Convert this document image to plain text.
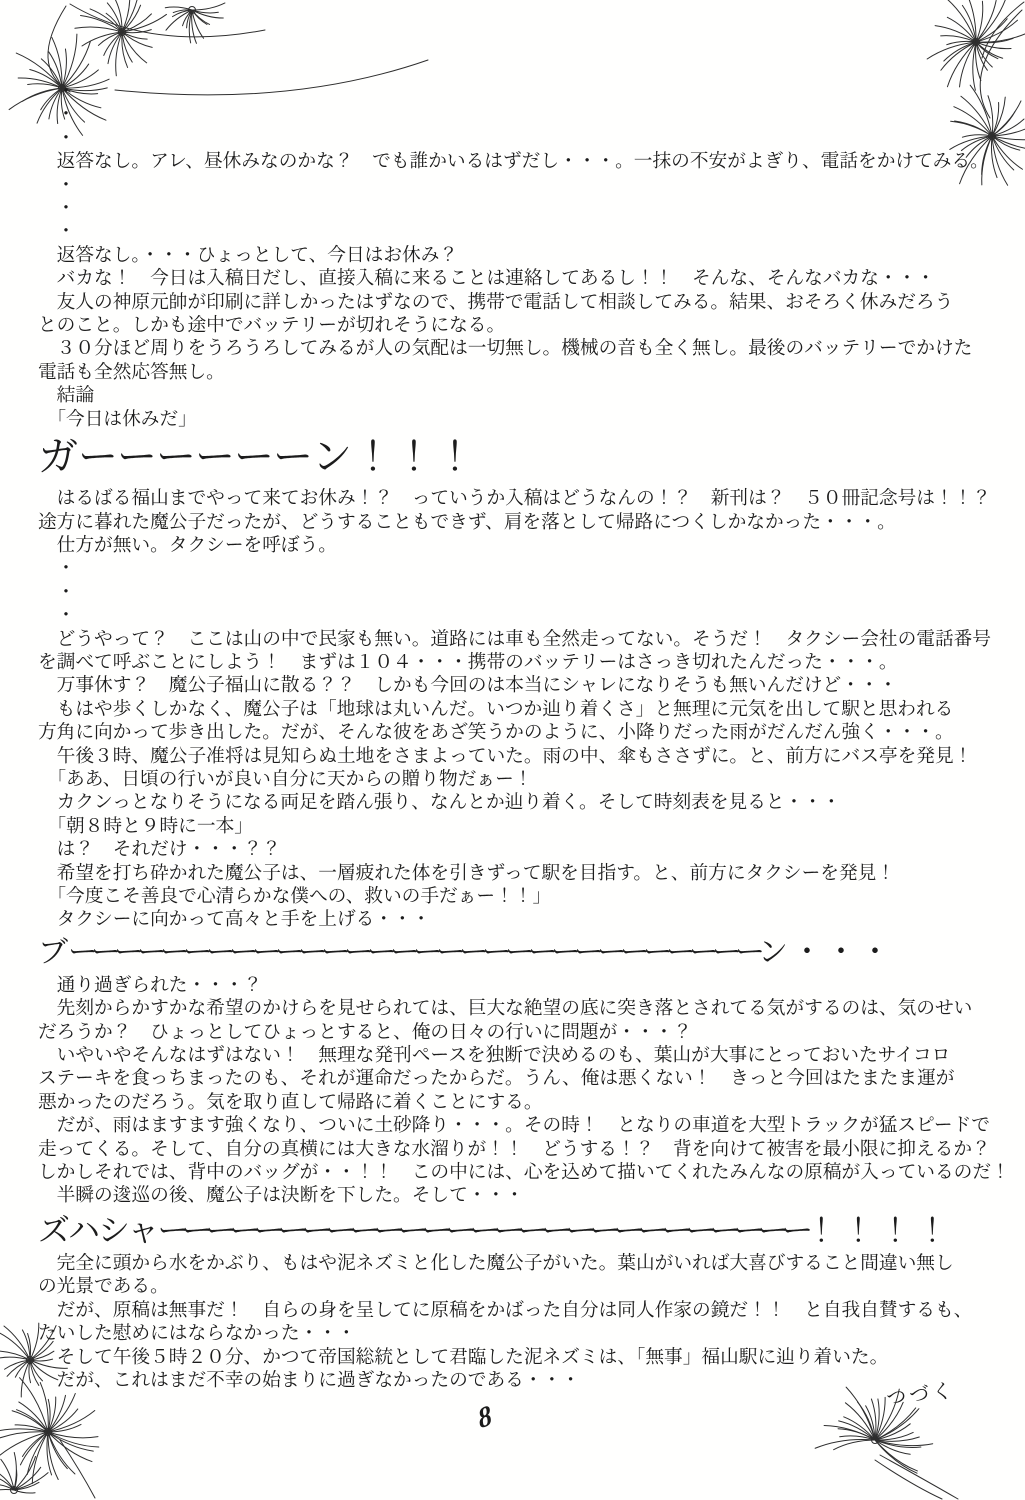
　・
　・
　・
　返答なし。アレ、昼休みなのかな？　でも誰かいるはずだし・・・。一抹の不安がよぎり、電話をかけてみる。
　・
　・
　・
　返答なし。・・・ひょっとして、今日はお休み？
　バカな！　今日は入稿日だし、直接入稿に来ることは連絡してあるし！！　そんな、そんなバカな・・・
　友人の神原元帥が印刷に詳しかったはずなので、携帯で電話して相談してみる。結果、おそろく休みだろう
とのこと。しかも途中でバッテリーが切れそうになる。
　３０分ほど周りをうろうろしてみるが人の気配は一切無し。機械の音も全く無し。最後のバッテリーでかけた
電話も全然応答無し。
　結論
　「今日は休みだ」
ガーーーーーーン！！！
　はるばる福山までやって来てお休み！？　っていうか入稿はどうなんの！？　新刊は？　５０冊記念号は！！？
途方に暮れた魔公子だったが、どうすることもできず、肩を落として帰路につくしかなかった・・・。
　仕方が無い。タクシーを呼ぼう。
　・
　・
　・
　どうやって？　ここは山の中で民家も無い。道路には車も全然走ってない。そうだ！　タクシー会社の電話番号
を調べて呼ぶことにしよう！　まずは１０４・・・携帯のバッテリーはさっき切れたんだった・・・。
　万事休す？　魔公子福山に散る？？　しかも今回のは本当にシャレになりそうも無いんだけど・・・
　もはや歩くしかなく、魔公子は「地球は丸いんだ。いつか辿り着くさ」と無理に元気を出して駅と思われる
方角に向かって歩き出した。だが、そんな彼をあざ笑うかのように、小降りだった雨がだんだん強く・・・。
　午後３時、魔公子准将は見知らぬ土地をさまよっていた。雨の中、傘もささずに。と、前方にバス亭を発見！
　「ああ、日頃の行いが良い自分に天からの贈り物だぁー！
　カクンっとなりそうになる両足を踏ん張り、なんとか辿り着く。そして時刻表を見ると・・・
　「朝８時と９時に一本」
　は？　それだけ・・・？？
　希望を打ち砕かれた魔公子は、一層疲れた体を引きずって駅を目指す。と、前方にタクシーを発見！
　「今度こそ善良で心清らかな僕への、救いの手だぁー！！」
　タクシーに向かって高々と手を上げる・・・
ブーーーーーーーーーーーーーーーーーーーーーーーーーーーーーーン・・・
　通り過ぎられた・・・？
　先刻からかすかな希望のかけらを見せられては、巨大な絶望の底に突き落とされてる気がするのは、気のせい
だろうか？　ひょっとしてひょっとすると、俺の日々の行いに問題が・・・？
　いやいやそんなはずはない！　無理な発刊ペースを独断で決めるのも、葉山が大事にとっておいたサイコロ
ステーキを食っちまったのも、それが運命だったからだ。うん、俺は悪くない！　きっと今回はたまたま運が
悪かったのだろう。気を取り直して帰路に着くことにする。
　だが、雨はますます強くなり、ついに土砂降り・・・。その時！　となりの車道を大型トラックが猛スピードで
走ってくる。そして、自分の真横には大きな水溜りが！！　どうする！？　背を向けて被害を最小限に抑えるか？
しかしそれでは、背中のバッグが・・！！　この中には、心を込めて描いてくれたみんなの原稿が入っているのだ！
　半瞬の逡巡の後、魔公子は決断を下した。そして・・・
ズハシャーーーーーーーーーーーーーーーーーーーーーーーーーーー！！！！
　完全に頭から水をかぶり、もはや泥ネズミと化した魔公子がいた。葉山がいれば大喜びすること間違い無し
の光景である。
　だが、原稿は無事だ！　自らの身を呈してに原稿をかばった自分は同人作家の鏡だ！！　と自我自賛するも、
たいした慰めにはならなかった・・・
　そして午後５時２０分、かつて帝国総統として君臨した泥ネズミは、「無事」福山駅に辿り着いた。
　だが、これはまだ不幸の始まりに過ぎなかったのである・・・	つづく
8
